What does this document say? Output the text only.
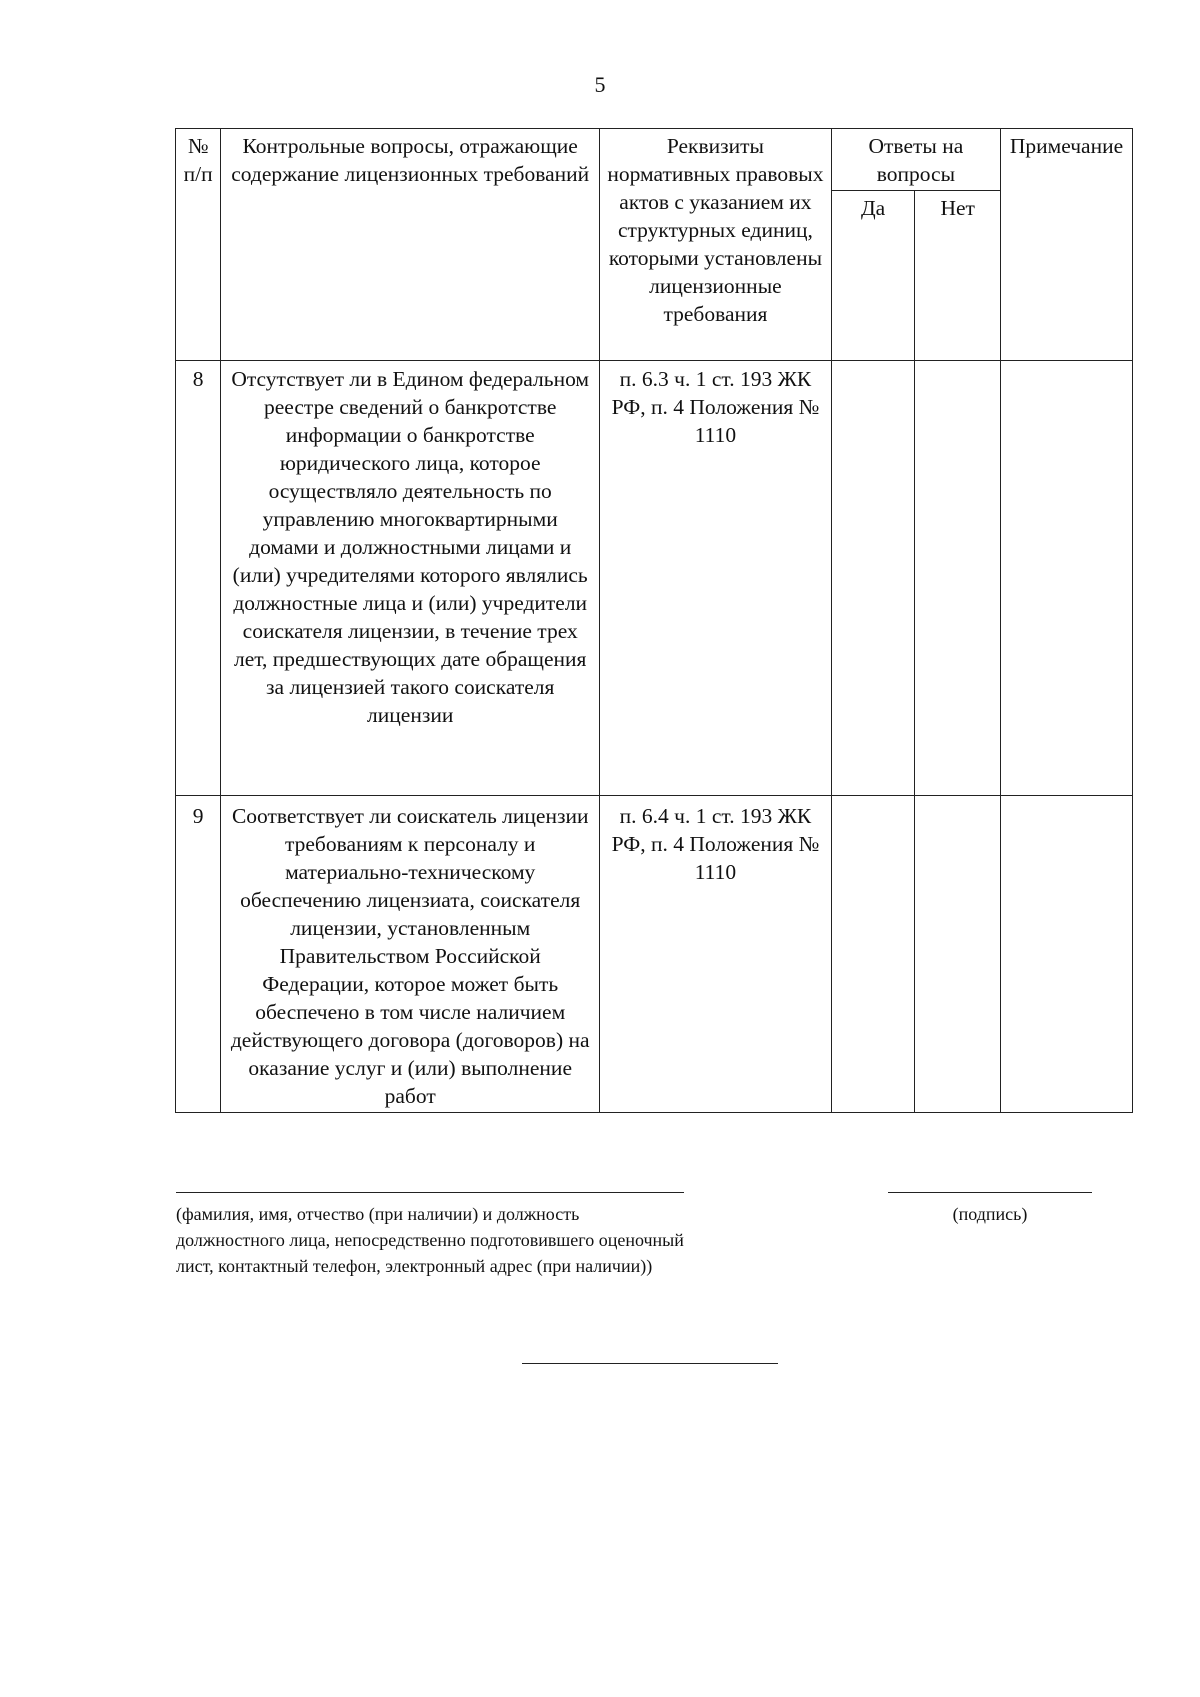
5
№ п/п	Контрольные вопросы, отражающие содержание лицензионных требований	Реквизиты нормативных правовых актов с указанием их структурных единиц, которыми установлены лицензионные требования	Ответы на вопросы		Примечание
			Да	Нет	
8	Отсутствует ли в Едином федеральном реестре сведений о банкротстве информации о банкротстве юридического лица, которое осуществляло деятельность по управлению многоквартирными домами и должностными лицами и (или) учредителями которого являлись должностные лица и (или) учредители соискателя лицензии, в течение трех лет, предшествующих дате обращения за лицензией такого соискателя лицензии	п. 6.3 ч. 1 ст. 193 ЖК РФ, п. 4 Положения № 1110			
9	Соответствует ли соискатель лицензии требованиям к персоналу и материально-техническому обеспечению лицензиата, соискателя лицензии, установленным Правительством Российской Федерации, которое может быть обеспечено в том числе наличием действующего договора (договоров) на оказание услуг и (или) выполнение работ	п. 6.4 ч. 1 ст. 193 ЖК РФ, п. 4 Положения № 1110			
(фамилия, имя, отчество (при наличии) и должность должностного лица, непосредственно подготовившего оценочный лист, контактный телефон, электронный адрес (при наличии))
(подпись)
